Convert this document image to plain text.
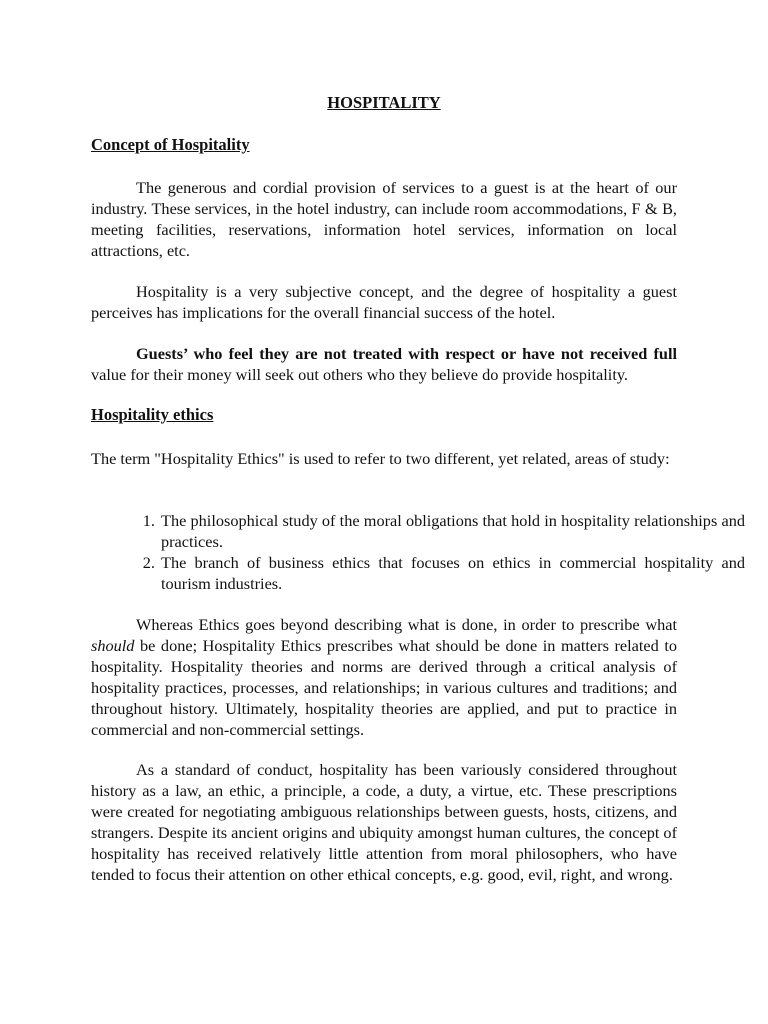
HOSPITALITY
Concept of Hospitality

The generous and cordial provision of services to a guest is at the heart of our industry. These services, in the hotel industry, can include room accommodations, F & B, meeting facilities, reservations, information hotel services, information on local attractions, etc.

Hospitality is a very subjective concept, and the degree of hospitality a guest perceives has implications for the overall financial success of the hotel.

Guests’ who feel they are not treated with respect or have not received full value for their money will seek out others who they believe do provide hospitality.

Hospitality ethics

The term "Hospitality Ethics" is used to refer to two different, yet related, areas of study:

1. The philosophical study of the moral obligations that hold in hospitality relationships and practices.
2. The branch of business ethics that focuses on ethics in commercial hospitality and tourism industries.

Whereas Ethics goes beyond describing what is done, in order to prescribe what should be done; Hospitality Ethics prescribes what should be done in matters related to hospitality. Hospitality theories and norms are derived through a critical analysis of hospitality practices, processes, and relationships; in various cultures and traditions; and throughout history. Ultimately, hospitality theories are applied, and put to practice in commercial and non-commercial settings.

As a standard of conduct, hospitality has been variously considered throughout history as a law, an ethic, a principle, a code, a duty, a virtue, etc. These prescriptions were created for negotiating ambiguous relationships between guests, hosts, citizens, and strangers. Despite its ancient origins and ubiquity amongst human cultures, the concept of hospitality has received relatively little attention from moral philosophers, who have tended to focus their attention on other ethical concepts, e.g. good, evil, right, and wrong.
